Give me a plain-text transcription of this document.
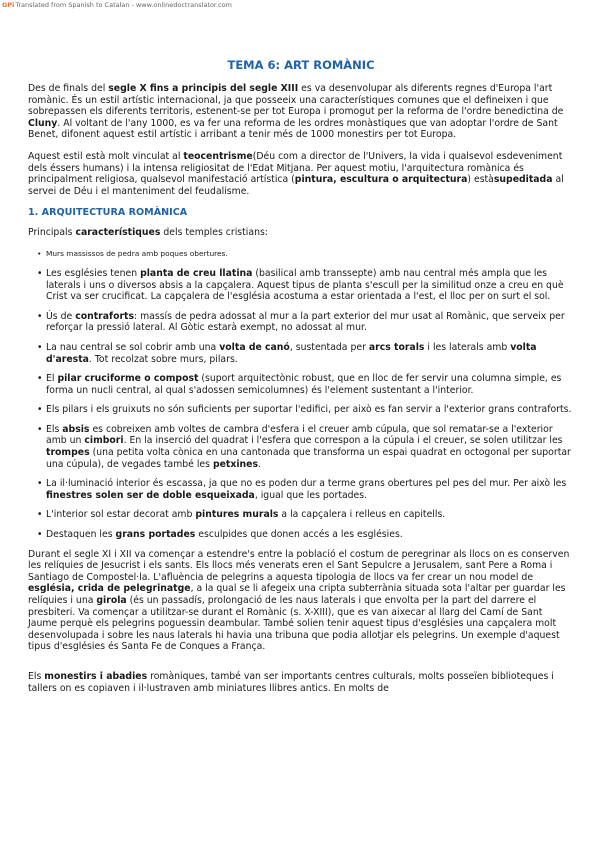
GPi Translated from Spanish to Catalan - www.onlinedoctranslator.com
TEMA 6: ART ROMÀNIC

Des de finals del segle X fins a principis del segle XIII es va desenvolupar als diferents regnes d'Europa l'art romànic. És un estil artístic internacional, ja que posseeix una característiques comunes que el defineixen i que sobrepassen els diferents territoris, estenent-se per tot Europa i promogut per la reforma de l'ordre benedictina de Cluny. Al voltant de l'any 1000, es va fer una reforma de les ordres monàstiques que van adoptar l'ordre de Sant Benet, difonent aquest estil artístic i arribant a tenir més de 1000 monestirs per tot Europa.

Aquest estil està molt vinculat al teocentrisme(Déu com a director de l'Univers, la vida i qualsevol esdeveniment dels éssers humans) i la intensa religiositat de l'Edat Mitjana. Per aquest motiu, l'arquitectura romànica és principalment religiosa, qualsevol manifestació artística (pintura, escultura o arquitectura) estàsupeditada al servei de Déu i el manteniment del feudalisme.

1. ARQUITECTURA ROMÀNICA

Principals característiques dels temples cristians:

• Murs massissos de pedra amb poques obertures.
• Les esglésies tenen planta de creu llatina (basilical amb transsepte) amb nau central més ampla que les laterals i uns o diversos absis a la capçalera. Aquest tipus de planta s'escull per la similitud onze a creu en què Crist va ser crucificat. La capçalera de l'església acostuma a estar orientada a l'est, el lloc per on surt el sol.
• Ús de contraforts: massís de pedra adossat al mur a la part exterior del mur usat al Romànic, que serveix per reforçar la pressió lateral. Al Gòtic estarà exempt, no adossat al mur.
• La nau central se sol cobrir amb una volta de canó, sustentada per arcs torals i les laterals amb volta d'aresta. Tot recolzat sobre murs, pilars.
• El pilar cruciforme o compost (suport arquitectònic robust, que en lloc de fer servir una columna simple, es forma un nucli central, al qual s'adossen semicolumnes) és l'element sustentant a l'interior.
• Els pilars i els gruixuts no són suficients per suportar l'edifici, per això es fan servir a l'exterior grans contraforts.
• Els absis es cobreixen amb voltes de cambra d'esfera i el creuer amb cúpula, que sol rematar-se a l'exterior amb un cimbori. En la inserció del quadrat i l'esfera que correspon a la cúpula i el creuer, se solen utilitzar les trompes (una petita volta cònica en una cantonada que transforma un espai quadrat en octogonal per suportar una cúpula), de vegades també les petxines.
• La il·luminació interior és escassa, ja que no es poden dur a terme grans obertures pel pes del mur. Per això les finestres solen ser de doble esqueixada, igual que les portades.
• L'interior sol estar decorat amb pintures murals a la capçalera i relleus en capitells.
• Destaquen les grans portades esculpides que donen accés a les esglésies.

Durant el segle XI i XII va començar a estendre's entre la població el costum de peregrinar als llocs on es conserven les relíquies de Jesucrist i els sants. Els llocs més venerats eren el Sant Sepulcre a Jerusalem, sant Pere a Roma i Santiago de Compostel·la. L'afluència de pelegrins a aquesta tipologia de llocs va fer crear un nou model de església, crida de pelegrinatge, a la qual se li afegeix una cripta subterrània situada sota l'altar per guardar les relíquies i una girola (és un passadís, prolongació de les naus laterals i que envolta per la part del darrere el presbiteri. Va començar a utilitzar-se durant el Romànic (s. X-XIII), que es van aixecar al llarg del Camí de Sant Jaume perquè els pelegrins poguessin deambular. També solien tenir aquest tipus d'esglésies una capçalera molt desenvolupada i sobre les naus laterals hi havia una tribuna que podia allotjar els pelegrins. Un exemple d'aquest tipus d'esglésies és Santa Fe de Conques a França.

Els monestirs i abadies romàniques, també van ser importants centres culturals, molts posseïen biblioteques i tallers on es copiaven i il·lustraven amb miniatures llibres antics. En molts de
